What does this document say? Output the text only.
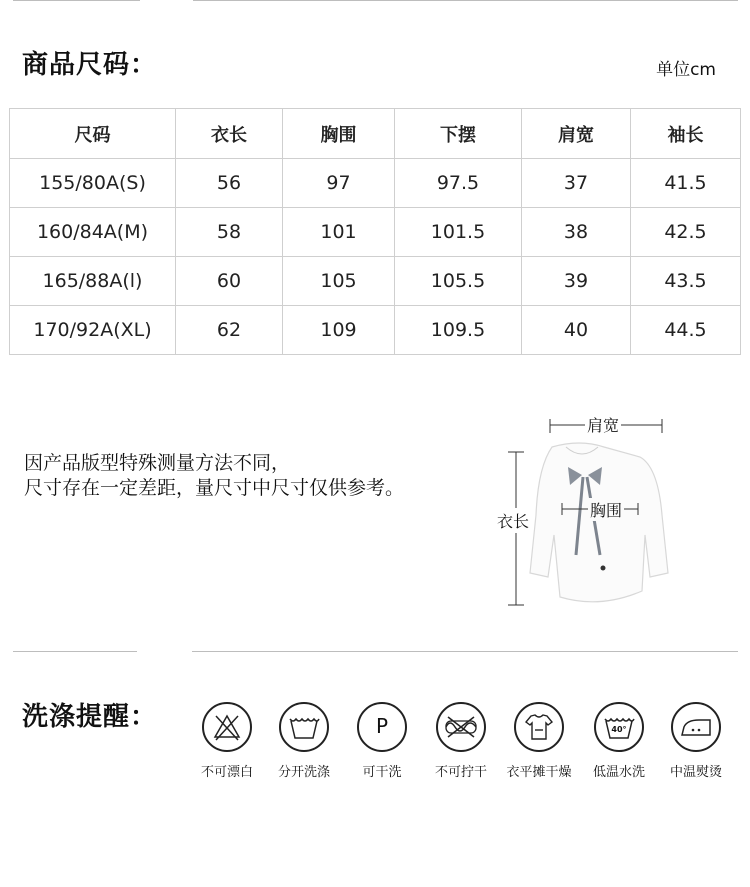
商品尺码：	单位cm
尺码	衣长	胸围	下摆	肩宽	袖长
155/80A(S)	56	97	97.5	37	41.5
160/84A(M)	58	101	101.5	38	42.5
165/88A(l)	60	105	105.5	39	43.5
170/92A(XL)	62	109	109.5	40	44.5
因产品版型特殊测量方法不同，
尺寸存在一定差距，量尺寸中尺寸仅供参考。
肩宽
衣长
胸围
洗涤提醒：
不可漂白	分开洗涤
P
可干洗	不可拧干	衣平摊干燥
40°
低温水洗	中温熨烫
